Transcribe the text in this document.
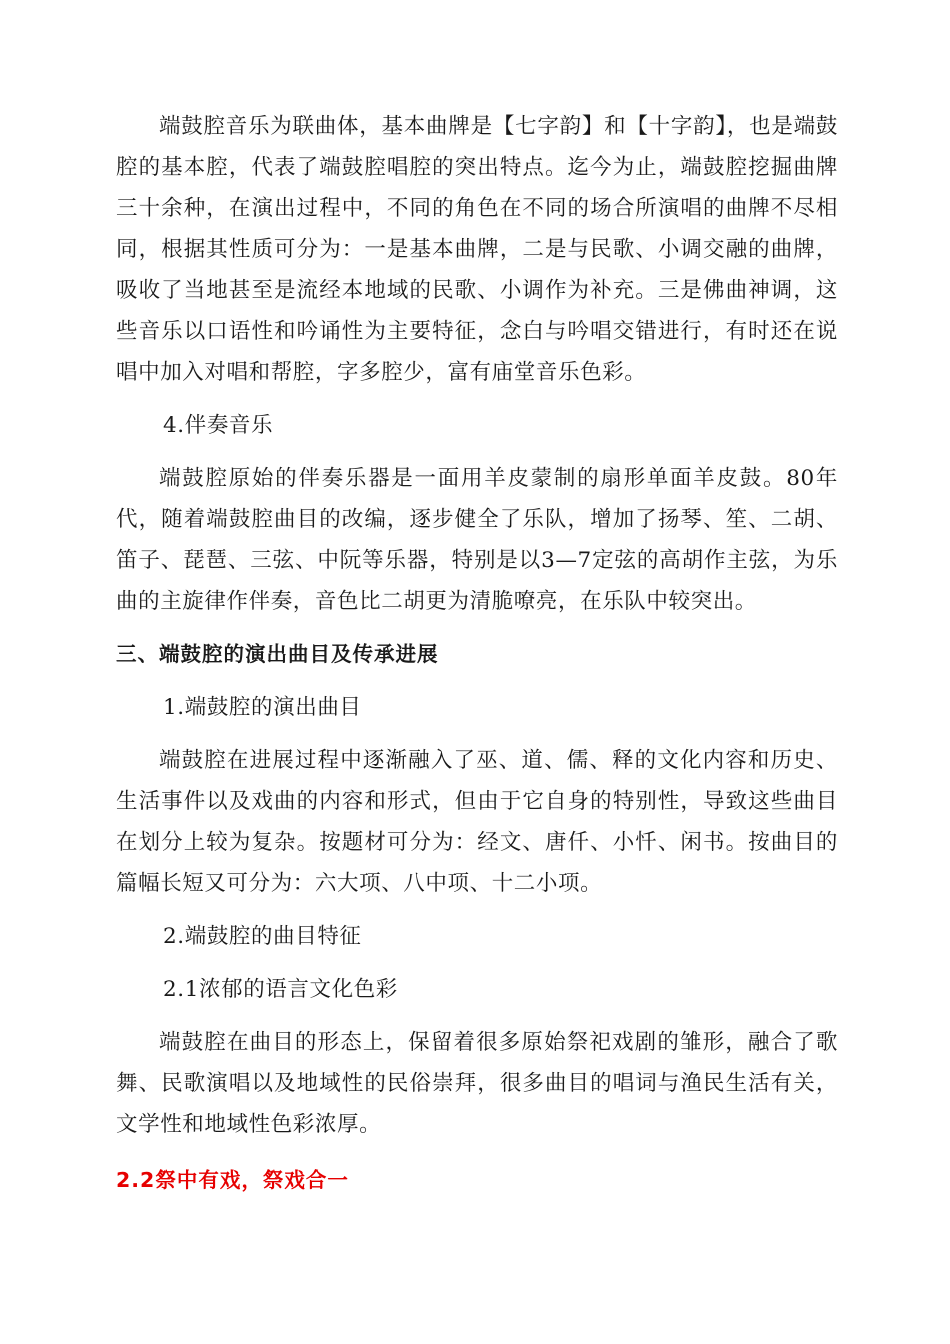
端鼓腔音乐为联曲体，基本曲牌是【七字韵】和【十字韵】，也是端鼓腔的基本腔，代表了端鼓腔唱腔的突出特点。迄今为止，端鼓腔挖掘曲牌三十余种，在演出过程中，不同的角色在不同的场合所演唱的曲牌不尽相同，根据其性质可分为：一是基本曲牌，二是与民歌、小调交融的曲牌，吸收了当地甚至是流经本地域的民歌、小调作为补充。三是佛曲神调，这些音乐以口语性和吟诵性为主要特征，念白与吟唱交错进行，有时还在说唱中加入对唱和帮腔，字多腔少，富有庙堂音乐色彩。

4.伴奏音乐

端鼓腔原始的伴奏乐器是一面用羊皮蒙制的扇形单面羊皮鼓。80年代，随着端鼓腔曲目的改编，逐步健全了乐队，增加了扬琴、笙、二胡、笛子、琵琶、三弦、中阮等乐器，特别是以3—7定弦的高胡作主弦，为乐曲的主旋律作伴奏，音色比二胡更为清脆嘹亮，在乐队中较突出。

三、端鼓腔的演出曲目及传承进展

1.端鼓腔的演出曲目

端鼓腔在进展过程中逐渐融入了巫、道、儒、释的文化内容和历史、生活事件以及戏曲的内容和形式，但由于它自身的特别性，导致这些曲目在划分上较为复杂。按题材可分为：经文、唐仟、小忏、闲书。按曲目的篇幅长短又可分为：六大项、八中项、十二小项。

2.端鼓腔的曲目特征

2.1浓郁的语言文化色彩

端鼓腔在曲目的形态上，保留着很多原始祭祀戏剧的雏形，融合了歌舞、民歌演唱以及地域性的民俗崇拜，很多曲目的唱词与渔民生活有关，文学性和地域性色彩浓厚。

2.2祭中有戏，祭戏合一
